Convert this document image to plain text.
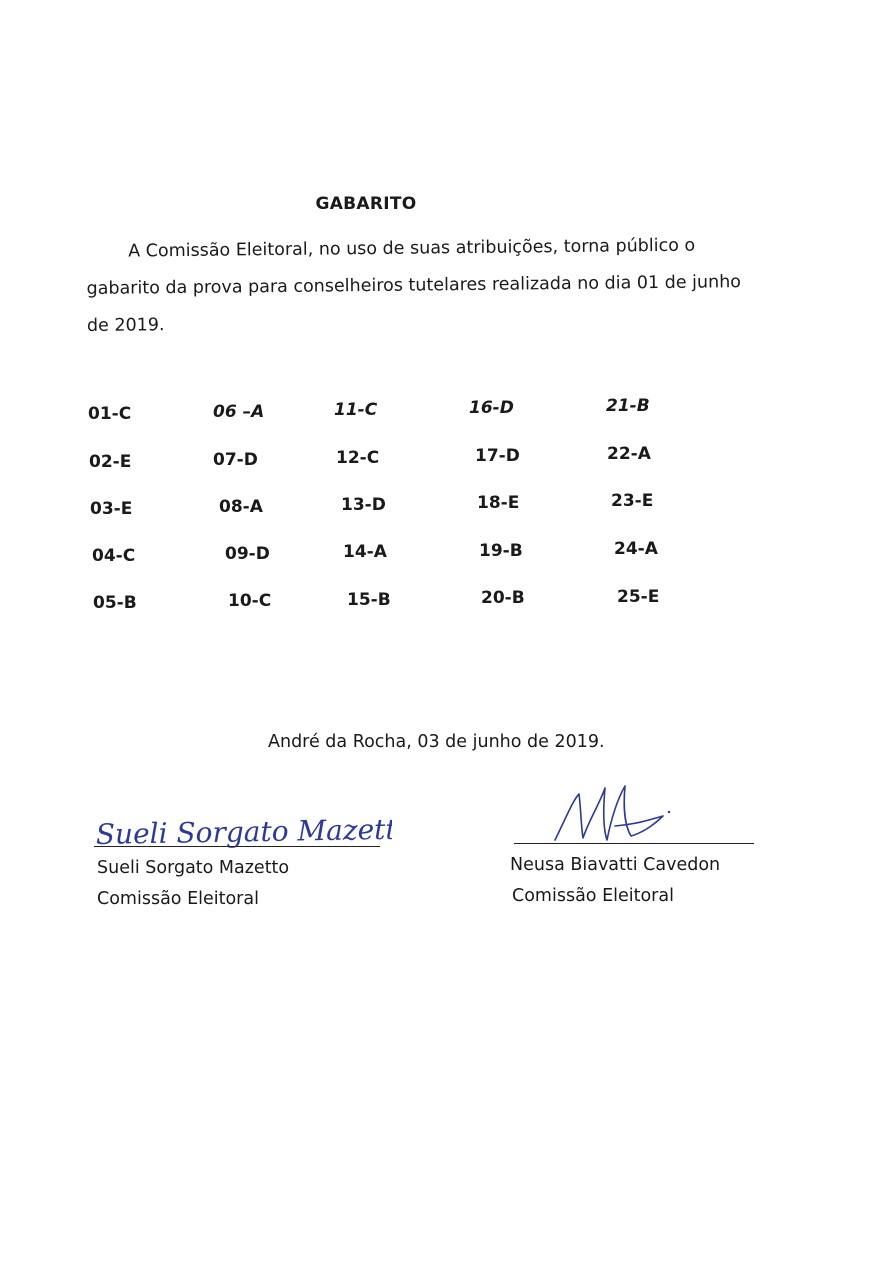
GABARITO
A Comissão Eleitoral, no uso de suas atribuições, torna público o
gabarito da prova para conselheiros tutelares realizada no dia 01 de junho
de 2019.
01-C
02-E
03-E
04-C
05-B
06 –A
07-D
08-A
09-D
10-C
11-C
12-C
13-D
14-A
15-B
16-D
17-D
18-E
19-B
20-B
21-B
22-A
23-E
24-A
25-E
André da Rocha, 03 de junho de 2019.
Sueli Sorgato Mazetto
Sueli Sorgato Mazetto
Comissão Eleitoral
Neusa Biavatti Cavedon
Comissão Eleitoral
